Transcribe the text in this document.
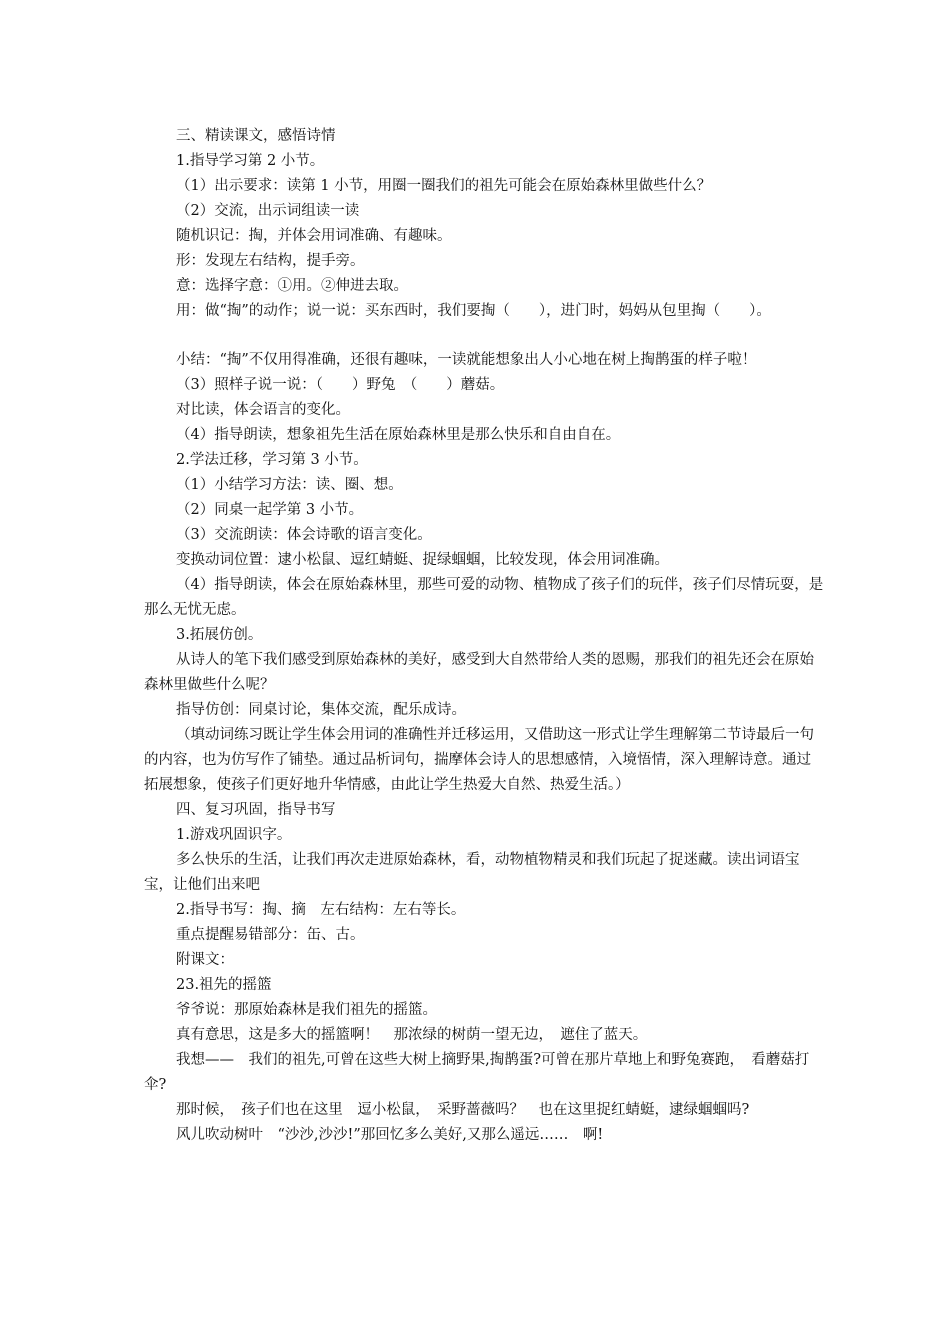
三、精读课文，感悟诗情

1.指导学习第 2 小节。

（1）出示要求：读第 1 小节，用圈一圈我们的祖先可能会在原始森林里做些什么？

（2）交流，出示词组读一读

随机识记：掏，并体会用词准确、有趣味。

形：发现左右结构，提手旁。

意：选择字意：①用。②伸进去取。

用：做“掏”的动作；说一说：买东西时，我们要掏（　　），进门时，妈妈从包里掏（　　）。

小结：“掏”不仅用得准确，还很有趣味，一读就能想象出人小心地在树上掏鹊蛋的样子啦！

（3）照样子说一说：（　　）野兔　（　　）蘑菇。

对比读，体会语言的变化。

（4）指导朗读，想象祖先生活在原始森林里是那么快乐和自由自在。

2.学法迁移，学习第 3 小节。

（1）小结学习方法：读、圈、想。

（2）同桌一起学第 3 小节。

（3）交流朗读：体会诗歌的语言变化。

变换动词位置：逮小松鼠、逗红蜻蜓、捉绿蝈蝈，比较发现，体会用词准确。

（4）指导朗读，体会在原始森林里，那些可爱的动物、植物成了孩子们的玩伴，孩子们尽情玩耍，是那么无忧无虑。

3.拓展仿创。

从诗人的笔下我们感受到原始森林的美好，感受到大自然带给人类的恩赐，那我们的祖先还会在原始森林里做些什么呢？

指导仿创：同桌讨论，集体交流，配乐成诗。

（填动词练习既让学生体会用词的准确性并迁移运用，又借助这一形式让学生理解第二节诗最后一句的内容，也为仿写作了铺垫。通过品析词句，揣摩体会诗人的思想感情，入境悟情，深入理解诗意。通过拓展想象，使孩子们更好地升华情感，由此让学生热爱大自然、热爱生活。）

四、复习巩固，指导书写

1.游戏巩固识字。

多么快乐的生活，让我们再次走进原始森林，看，动物植物精灵和我们玩起了捉迷藏。读出词语宝宝，让他们出来吧

2.指导书写：掏、摘　左右结构：左右等长。

重点提醒易错部分：缶、古。

附课文：

23.祖先的摇篮

爷爷说：那原始森林是我们祖先的摇篮。

真有意思，这是多大的摇篮啊！　那浓绿的树荫一望无边，　遮住了蓝天。

我想——　我们的祖先,可曾在这些大树上摘野果,掏鹊蛋?可曾在那片草地上和野兔赛跑，　看蘑菇打伞?

那时候，　孩子们也在这里　逗小松鼠，　采野蔷薇吗？　也在这里捉红蜻蜓，逮绿蝈蝈吗?

风儿吹动树叶　“沙沙,沙沙!”那回忆多么美好,又那么遥远……　啊!
